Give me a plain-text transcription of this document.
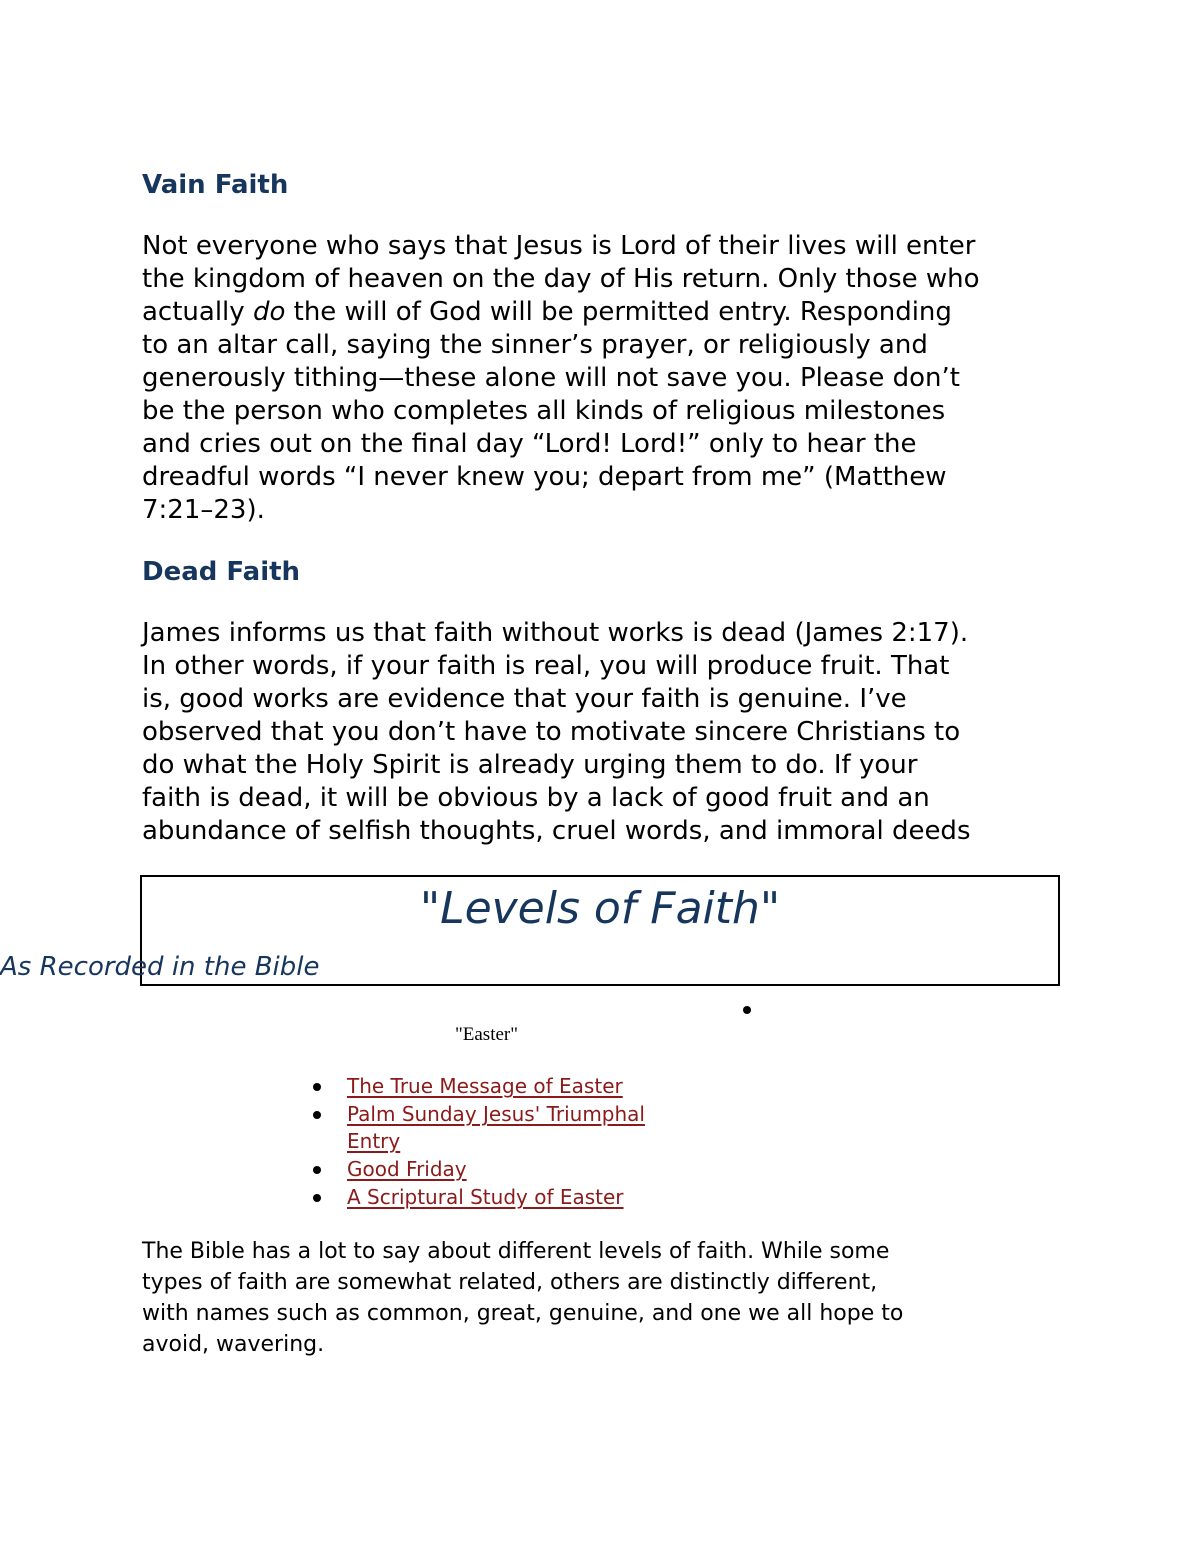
Vain Faith

Not everyone who says that Jesus is Lord of their lives will enter
the kingdom of heaven on the day of His return. Only those who
actually do the will of God will be permitted entry. Responding
to an altar call, saying the sinner’s prayer, or religiously and
generously tithing—these alone will not save you. Please don’t
be the person who completes all kinds of religious milestones
and cries out on the final day “Lord! Lord!” only to hear the
dreadful words “I never knew you; depart from me” (Matthew
7:21–23).

Dead Faith

James informs us that faith without works is dead (James 2:17).
In other words, if your faith is real, you will produce fruit. That
is, good works are evidence that your faith is genuine. I’ve
observed that you don’t have to motivate sincere Christians to
do what the Holy Spirit is already urging them to do. If your
faith is dead, it will be obvious by a lack of good fruit and an
abundance of selfish thoughts, cruel words, and immoral deeds

"Levels of Faith"
As Recorded in the Bible

"Easter"

The True Message of Easter
Palm Sunday Jesus' Triumphal
Entry
Good Friday
A Scriptural Study of Easter

The Bible has a lot to say about different levels of faith. While some
types of faith are somewhat related, others are distinctly different,
with names such as common, great, genuine, and one we all hope to
avoid, wavering.
